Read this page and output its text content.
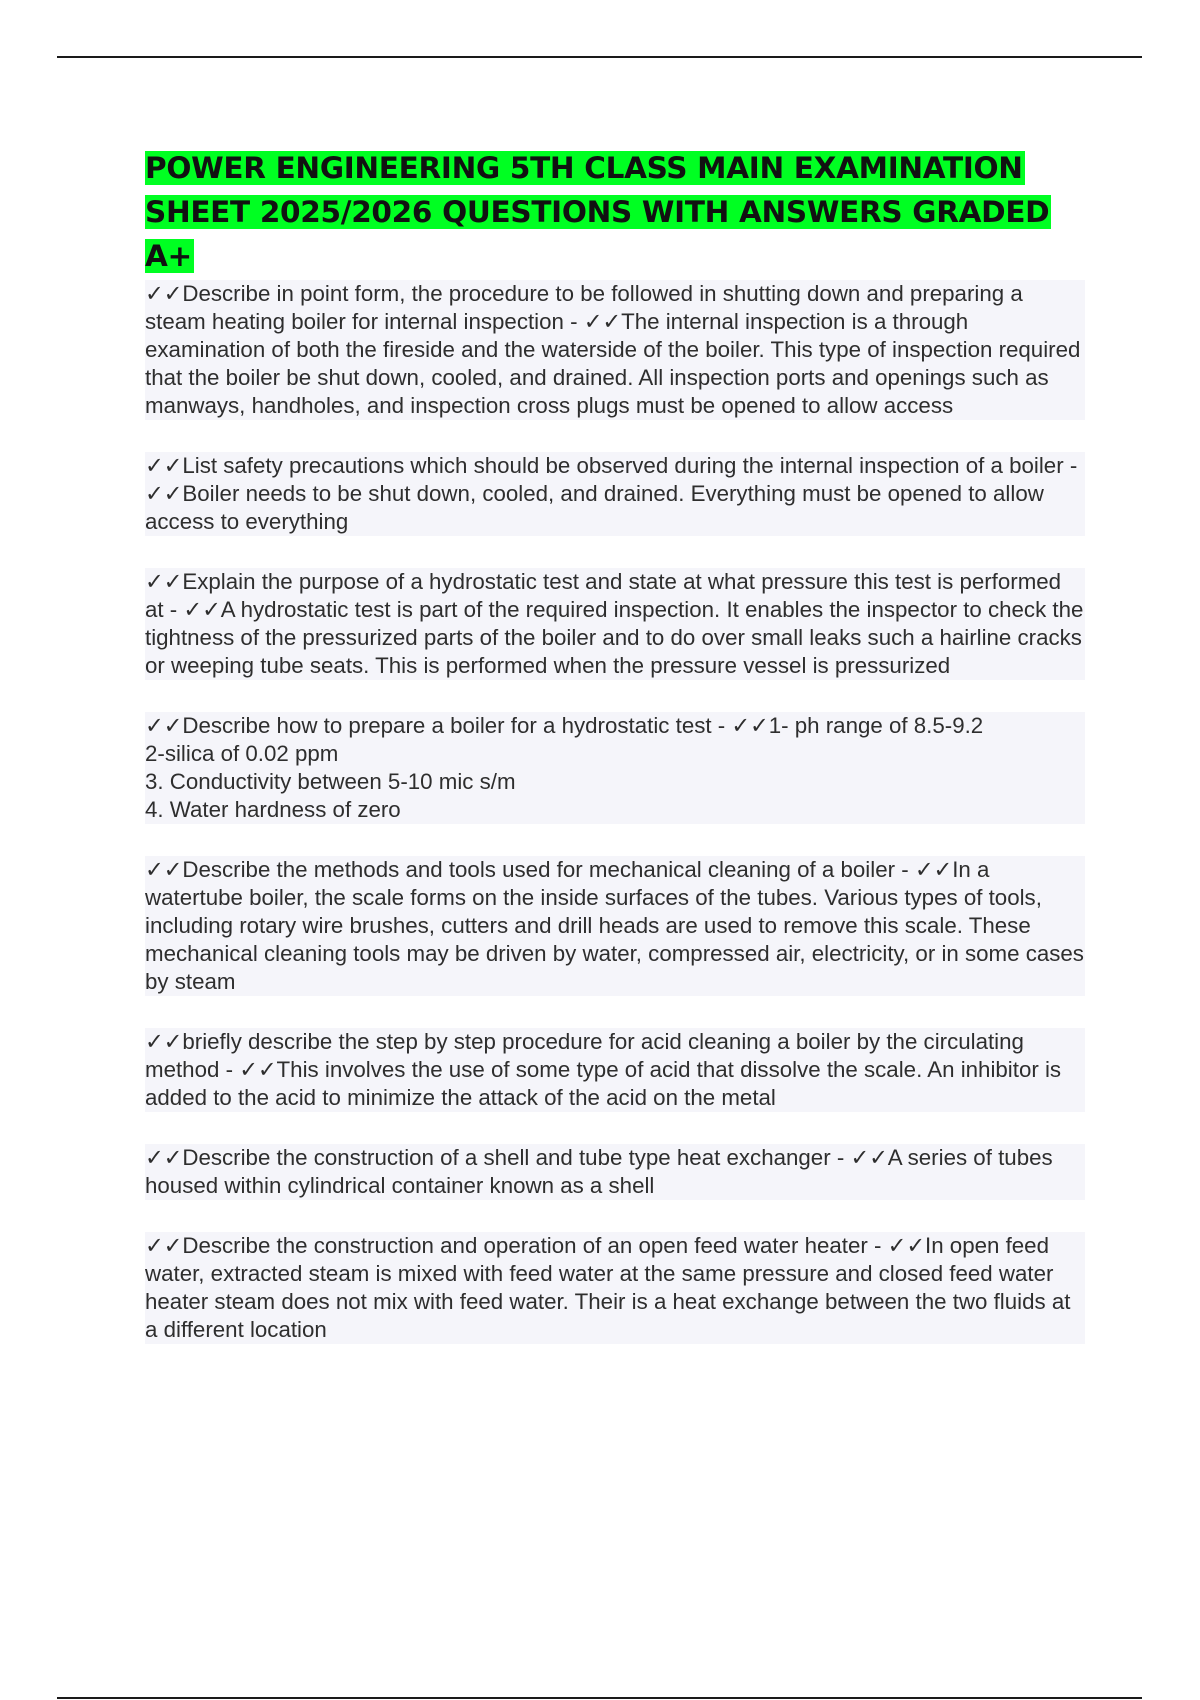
POWER ENGINEERING 5TH CLASS MAIN EXAMINATION SHEET 2025/2026 QUESTIONS WITH ANSWERS GRADED A+
✓✓Describe in point form, the procedure to be followed in shutting down and preparing a steam heating boiler for internal inspection - ✓✓The internal inspection is a through examination of both the fireside and the waterside of the boiler. This type of inspection required that the boiler be shut down, cooled, and drained. All inspection ports and openings such as manways, handholes, and inspection cross plugs must be opened to allow access
✓✓List safety precautions which should be observed during the internal inspection of a boiler - ✓✓Boiler needs to be shut down, cooled, and drained. Everything must be opened to allow access to everything
✓✓Explain the purpose of a hydrostatic test and state at what pressure this test is performed at - ✓✓A hydrostatic test is part of the required inspection. It enables the inspector to check the tightness of the pressurized parts of the boiler and to do over small leaks such a hairline cracks or weeping tube seats. This is performed when the pressure vessel is pressurized
✓✓Describe how to prepare a boiler for a hydrostatic test - ✓✓1- ph range of 8.5-9.2
2-silica of 0.02 ppm
3. Conductivity between 5-10 mic s/m
4. Water hardness of zero
✓✓Describe the methods and tools used for mechanical cleaning of a boiler - ✓✓In a watertube boiler, the scale forms on the inside surfaces of the tubes. Various types of tools, including rotary wire brushes, cutters and drill heads are used to remove this scale. These mechanical cleaning tools may be driven by water, compressed air, electricity, or in some cases by steam
✓✓briefly describe the step by step procedure for acid cleaning a boiler by the circulating method - ✓✓This involves the use of some type of acid that dissolve the scale. An inhibitor is added to the acid to minimize the attack of the acid on the metal
✓✓Describe the construction of a shell and tube type heat exchanger - ✓✓A series of tubes housed within cylindrical container known as a shell
✓✓Describe the construction and operation of an open feed water heater - ✓✓In open feed water, extracted steam is mixed with feed water at the same pressure and closed feed water heater steam does not mix with feed water. Their is a heat exchange between the two fluids at a different location
